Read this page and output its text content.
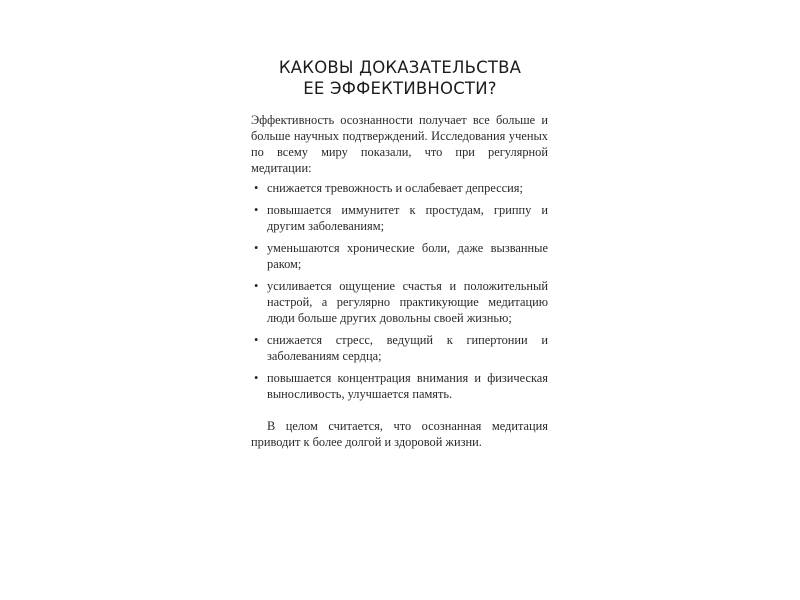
КАКОВЫ ДОКАЗАТЕЛЬСТВА
ЕЕ ЭФФЕКТИВНОСТИ?

Эффективность осознанности получает все больше и больше научных подтверждений. Исследования ученых по всему миру показали, что при регулярной медитации:

• снижается тревожность и ослабевает депрессия;
• повышается иммунитет к простудам, гриппу и другим заболеваниям;
• уменьшаются хронические боли, даже вызванные раком;
• усиливается ощущение счастья и положительный настрой, а регулярно практикующие медитацию люди больше других довольны своей жизнью;
• снижается стресс, ведущий к гипертонии и заболеваниям сердца;
• повышается концентрация внимания и физическая выносливость, улучшается память.

В целом считается, что осознанная медитация приводит к более долгой и здоровой жизни.
